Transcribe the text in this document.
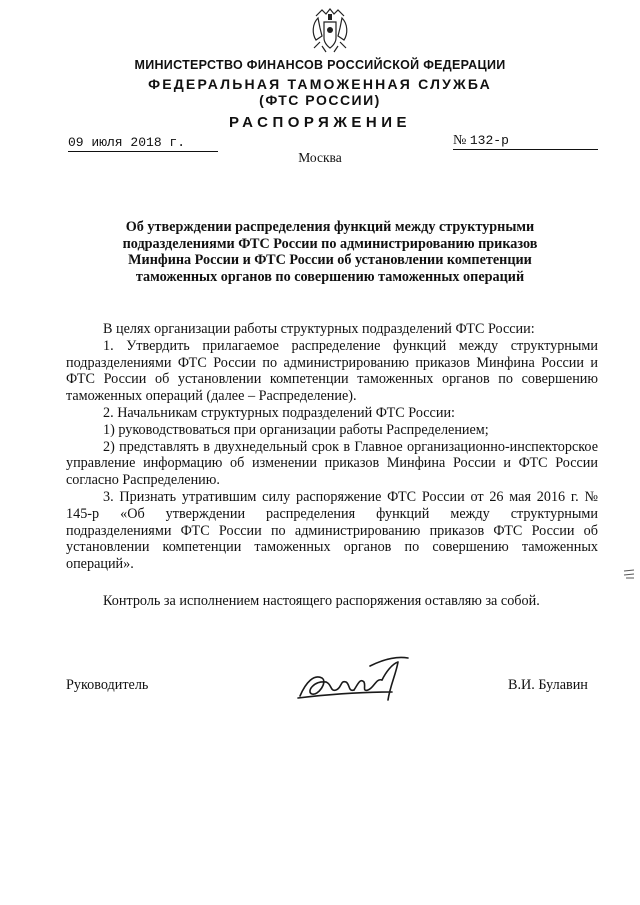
МИНИСТЕРСТВО ФИНАНСОВ РОССИЙСКОЙ ФЕДЕРАЦИИ
ФЕДЕРАЛЬНАЯ ТАМОЖЕННАЯ СЛУЖБА
(ФТС РОССИИ)
РАСПОРЯЖЕНИЕ
09 июля 2018 г.	№ 132-р
Москва
Об утверждении распределения функций между структурными подразделениями ФТС России по администрированию приказов Минфина России и ФТС России об установлении компетенции таможенных органов по совершению таможенных операций

В целях организации работы структурных подразделений ФТС России:

1. Утвердить прилагаемое распределение функций между структурными подразделениями ФТС России по администрированию приказов Минфина России и ФТС России об установлении компетенции таможенных органов по совершению таможенных операций (далее – Распределение).

2. Начальникам структурных подразделений ФТС России:

1) руководствоваться при организации работы Распределением;

2) представлять в двухнедельный срок в Главное организационно-инспекторское управление информацию об изменении приказов Минфина России и ФТС России согласно Распределению.

3. Признать утратившим силу распоряжение ФТС России от 26 мая 2016 г. № 145-р «Об утверждении распределения функций между структурными подразделениями ФТС России по администрированию приказов ФТС России об установлении компетенции таможенных органов по совершению таможенных операций».

Контроль за исполнением настоящего распоряжения оставляю за собой.

Руководитель	В.И. Булавин
